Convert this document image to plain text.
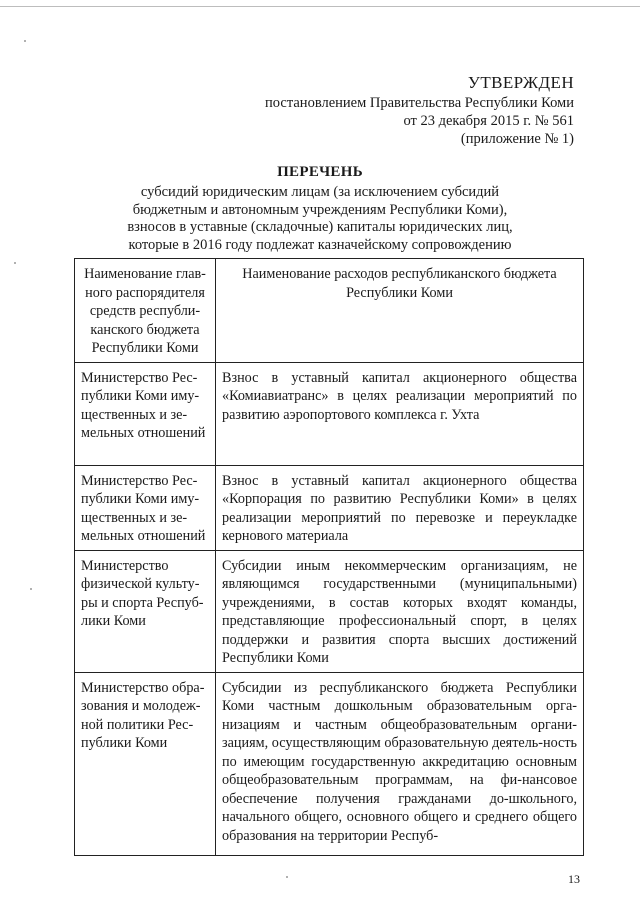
УТВЕРЖДЕН
постановлением Правительства Республики Коми
от 23 декабря 2015 г. № 561
(приложение № 1)
ПЕРЕЧЕНЬ
субсидий юридическим лицам (за исключением субсидий
бюджетным и автономным учреждениям Республики Коми),
взносов в уставные (складочные) капиталы юридических лиц,
которые в 2016 году подлежат казначейскому сопровождению
Наименование глав-ного распорядителя средств республи-канского бюджета Республики Коми	Наименование расходов республиканского бюджета Республики Коми
Министерство Рес-публики Коми иму-щественных и зе-мельных отношений	Взнос в уставный капитал акционерного общества «Комиавиатранс» в целях реализации мероприятий по развитию аэропортового комплекса г. Ухта
Министерство Рес-публики Коми иму-щественных и зе-мельных отношений	Взнос в уставный капитал акционерного общества «Корпорация по развитию Республики Коми» в целях реализации мероприятий по перевозке и переукладке кернового материала
Министерство физической культу-ры и спорта Респуб-лики Коми	Субсидии иным некоммерческим организациям, не являющимся государственными (муниципальными) учреждениями, в состав которых входят команды, представляющие профессиональный спорт, в целях поддержки и развития спорта высших достижений Республики Коми
Министерство обра-зования и молодеж-ной политики Рес-публики Коми	Субсидии из республиканского бюджета Республики Коми частным дошкольным образовательным орга-низациям и частным общеобразовательным органи-зациям, осуществляющим образовательную деятель-ность по имеющим государственную аккредитацию основным общеобразовательным программам, на фи-нансовое обеспечение получения гражданами до-школьного, начального общего, основного общего и среднего общего образования на территории Респуб-
13
